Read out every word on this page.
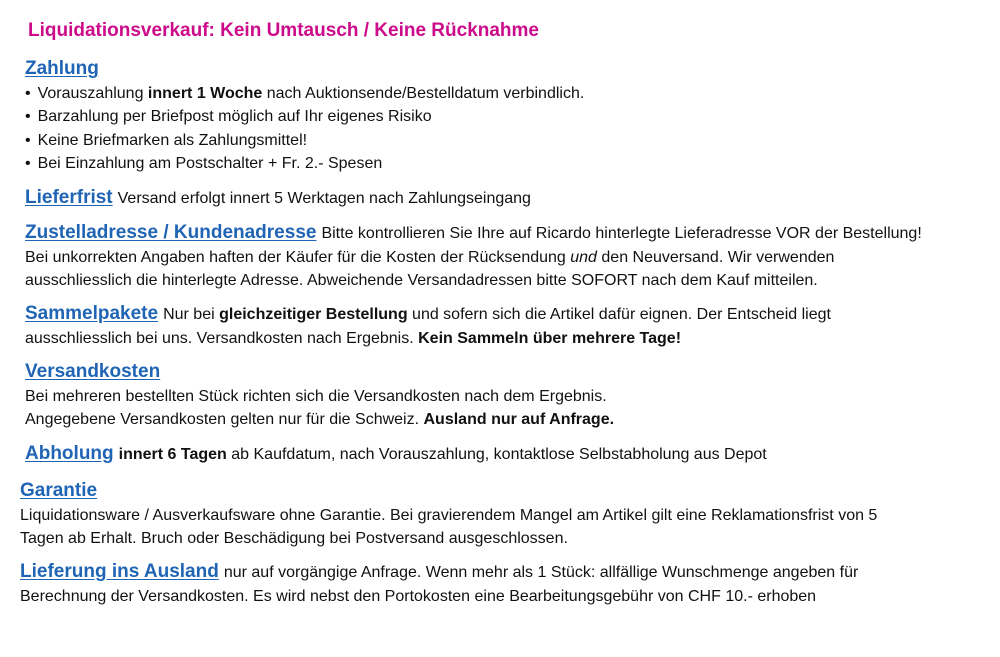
Liquidationsverkauf: Kein Umtausch / Keine Rücknahme
Zahlung
• Vorauszahlung innert 1 Woche nach Auktionsende/Bestelldatum verbindlich.
• Barzahlung per Briefpost möglich auf Ihr eigenes Risiko
• Keine Briefmarken als Zahlungsmittel!
• Bei Einzahlung am Postschalter + Fr. 2.- Spesen
Lieferfrist Versand erfolgt innert 5 Werktagen nach Zahlungseingang
Zustelladresse / Kundenadresse Bitte kontrollieren Sie Ihre auf Ricardo hinterlegte Lieferadresse VOR der Bestellung!
Bei unkorrekten Angaben haften der Käufer für die Kosten der Rücksendung und den Neuversand. Wir verwenden
ausschliesslich die hinterlegte Adresse. Abweichende Versandadressen bitte SOFORT nach dem Kauf mitteilen.
Sammelpakete Nur bei gleichzeitiger Bestellung und sofern sich die Artikel dafür eignen. Der Entscheid liegt
ausschliesslich bei uns. Versandkosten nach Ergebnis. Kein Sammeln über mehrere Tage!
Versandkosten
Bei mehreren bestellten Stück richten sich die Versandkosten nach dem Ergebnis.
Angegebene Versandkosten gelten nur für die Schweiz. Ausland nur auf Anfrage.
Abholung innert 6 Tagen ab Kaufdatum, nach Vorauszahlung, kontaktlose Selbstabholung aus Depot
Garantie
Liquidationsware / Ausverkaufsware ohne Garantie. Bei gravierendem Mangel am Artikel gilt eine Reklamationsfrist von 5
Tagen ab Erhalt. Bruch oder Beschädigung bei Postversand ausgeschlossen.
Lieferung ins Ausland nur auf vorgängige Anfrage. Wenn mehr als 1 Stück: allfällige Wunschmenge angeben für
Berechnung der Versandkosten. Es wird nebst den Portokosten eine Bearbeitungsgebühr von CHF 10.- erhoben
